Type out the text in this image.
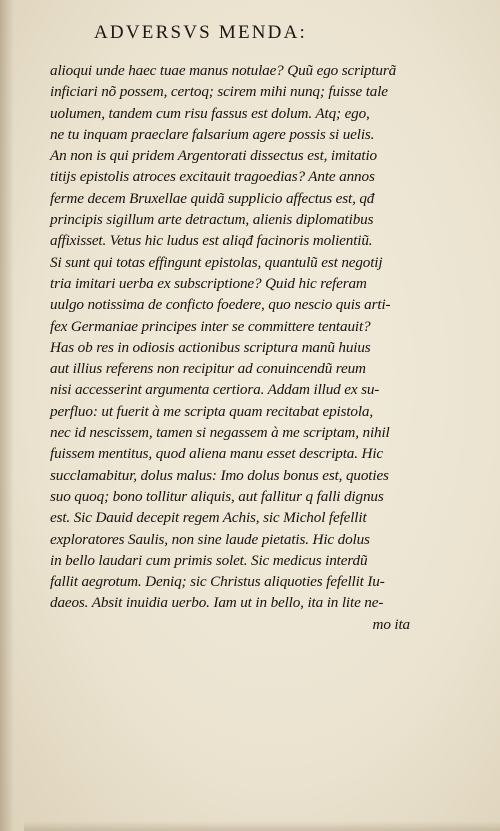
ADVERSVS MENDA:
alioqui unde haec tuae manus notulae? Quũ ego scripturã
inficiari nõ possem, certoq; scirem mihi nunq; fuisse tale
uolumen, tandem cum risu fassus est dolum. Atq; ego,
ne tu inquam praeclare falsarium agere possis si uelis.
An non is qui pridem Argentorati dissectus est, imitatio
titijs epistolis atroces excitauit tragoedias? Ante annos
ferme decem Bruxellae quidã supplicio affectus est, qđ
principis sigillum arte detractum, alienis diplomatibus
affixisset. Vetus hic ludus est aliqđ facinoris molientiũ.
Si sunt qui totas effingunt epistolas, quantulũ est negotij
tria imitari uerba ex subscriptione? Quid hic referam
uulgo notissima de conficto foedere, quo nescio quis arti-
fex Germaniae principes inter se committere tentauit?
Has ob res in odiosis actionibus scriptura manũ huius
aut illius referens non recipitur ad conuincendũ reum
nisi accesserint argumenta certiora. Addam illud ex su-
perfluo: ut fuerit à me scripta quam recitabat epistola,
nec id nescissem, tamen si negassem à me scriptam, nihil
fuissem mentitus, quod aliena manu esset descripta. Hic
succlamabitur, dolus malus: Imo dolus bonus est, quoties
suo quoq; bono tollitur aliquis, aut fallitur q falli dignus
est. Sic Dauid decepit regem Achis, sic Michol fefellit
exploratores Saulis, non sine laude pietatis. Hic dolus
in bello laudari cum primis solet. Sic medicus interdũ
fallit aegrotum. Deniq; sic Christus aliquoties fefellit Iu-
daeos. Absit inuidia uerbo. Iam ut in bello, ita in lite ne-
mo ita
